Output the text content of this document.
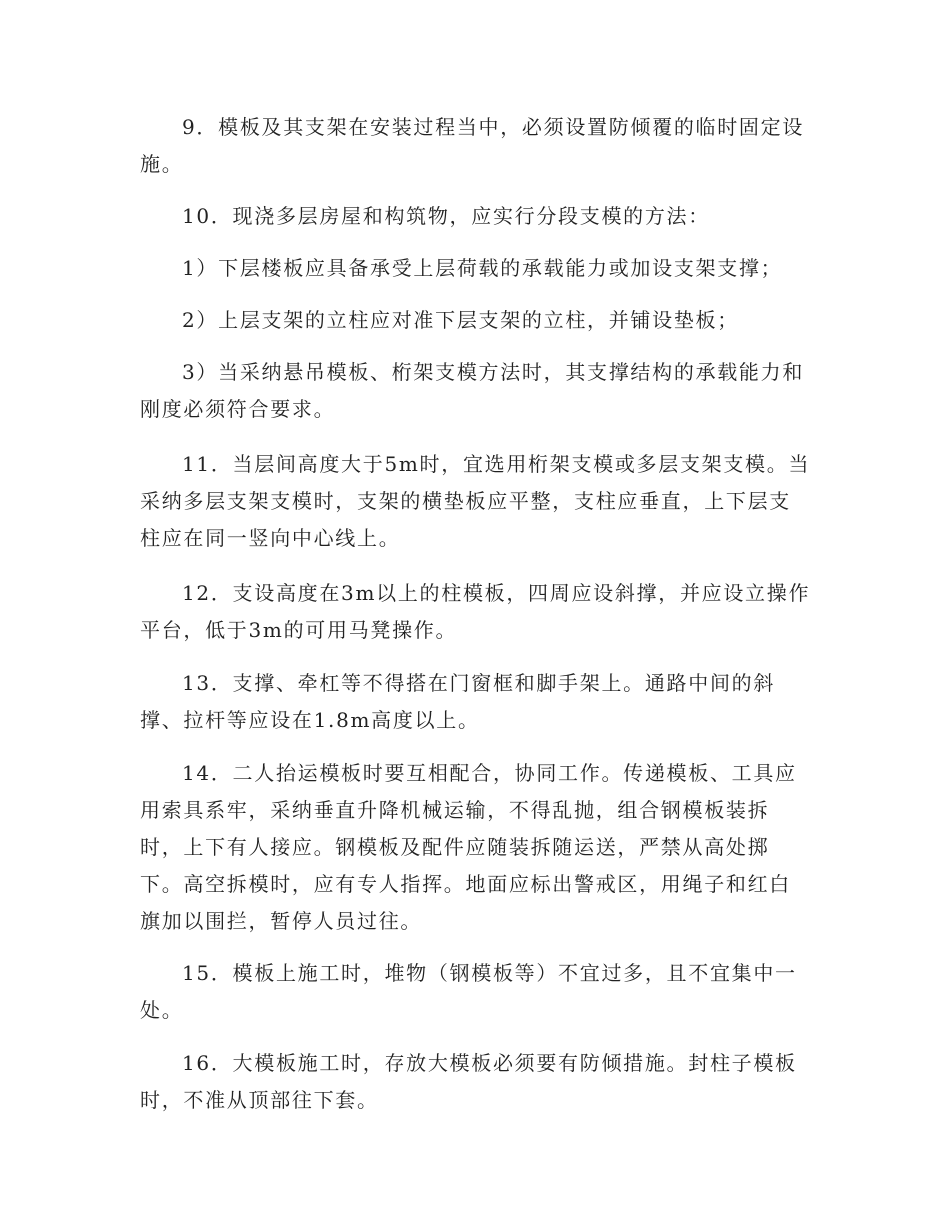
9．模板及其支架在安装过程当中，必须设置防倾覆的临时固定设
施。
10．现浇多层房屋和构筑物，应实行分段支模的方法：
1）下层楼板应具备承受上层荷载的承载能力或加设支架支撑；
2）上层支架的立柱应对准下层支架的立柱，并铺设垫板；
3）当采纳悬吊模板、桁架支模方法时，其支撑结构的承载能力和
刚度必须符合要求。
11．当层间高度大于5m时，宜选用桁架支模或多层支架支模。当
采纳多层支架支模时，支架的横垫板应平整，支柱应垂直，上下层支
柱应在同一竖向中心线上。
12．支设高度在3m以上的柱模板，四周应设斜撑，并应设立操作
平台，低于3m的可用马凳操作。
13．支撑、牵杠等不得搭在门窗框和脚手架上。通路中间的斜
撑、拉杆等应设在1.8m高度以上。
14．二人抬运模板时要互相配合，协同工作。传递模板、工具应
用索具系牢，采纳垂直升降机械运输，不得乱抛，组合钢模板装拆
时，上下有人接应。钢模板及配件应随装拆随运送，严禁从高处掷
下。高空拆模时，应有专人指挥。地面应标出警戒区，用绳子和红白
旗加以围拦，暂停人员过往。
15．模板上施工时，堆物（钢模板等）不宜过多，且不宜集中一
处。
16．大模板施工时，存放大模板必须要有防倾措施。封柱子模板
时，不准从顶部往下套。
